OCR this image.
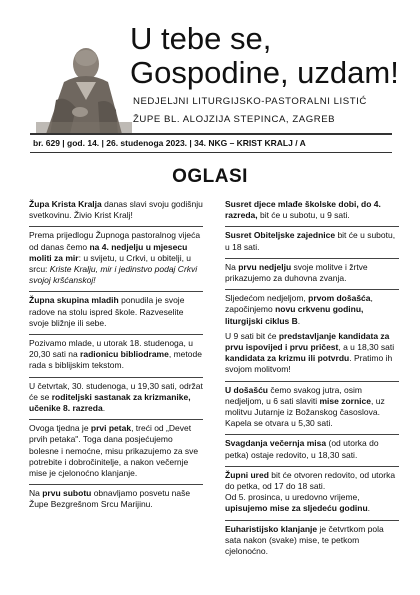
U tebe se,
Gospodine, uzdam!
NEDJELJNI LITURGIJSKO-PASTORALNI LISTIĆ
ŽUPE BL. ALOJZIJA STEPINCA, ZAGREB
br. 629 | god. 14. | 26. studenoga 2023. | 34. NKG – KRIST KRALJ / A
OGLASI

Župa Krista Kralja danas slavi svoju godišnju svetkovinu. Živio Krist Kralj!

Prema prijedlogu Župnoga pastoralnog vijeća od danas čemo na 4. nedjelju u mjesecu moliti za mir: u svijetu, u Crkvi, u obitelji, u srcu: Kriste Kralju, mir i jedinstvo podaj Crkvi svojoj kršćanskoj!

Župna skupina mladih ponudila je svoje radove na stolu ispred škole. Razveselite svoje bližnje ili sebe.

Pozivamo mlade, u utorak 18. studenoga, u 20,30 sati na radionicu bibliodrame, metode rada s biblijskim tekstom.

U četvrtak, 30. studenoga, u 19,30 sati, održat će se roditeljski sastanak za krizmanike, učenike 8. razreda.

Ovoga tjedna je prvi petak, treći od „Devet prvih petaka". Toga dana posjećujemo bolesne i nemoćne, misu prikazujemo za sve potrebite i dobročinitelje, a nakon večernje mise je cjelonoćno klanjanje.

Na prvu subotu obnavljamo posvetu naše Župe Bezgrešnom Srcu Marijinu.

Susret djece mlađe školske dobi, do 4. razreda, bit će u subotu, u 9 sati.

Susret Obiteljske zajednice bit će u subotu, u 18 sati.

Na prvu nedjelju svoje molitve i žrtve prikazujemo za duhovna zvanja.

Sljedećom nedjeljom, prvom došašća, započinjemo novu crkvenu godinu, liturgijski ciklus B.

U 9 sati bit će predstavljanje kandidata za prvu ispovijed i prvu pričest, a u 18,30 sati kandidata za krizmu ili potvrdu. Pratimo ih svojom molitvom!

U došašću čemo svakog jutra, osim nedjeljom, u 6 sati slaviti mise zornice, uz molitvu Jutarnje iz Božanskog časoslova. Kapela se otvara u 5,30 sati.

Svagdanja večernja misa (od utorka do petka) ostaje redovito, u 18,30 sati.

Župni ured bit će otvoren redovito, od utorka do petka, od 17 do 18 sati.

Od 5. prosinca, u uredovno vrijeme, upisujemo mise za sljedeću godinu.

Euharistijsko klanjanje je četvrtkom pola sata nakon (svake) mise, te petkom cjelonoćno.
